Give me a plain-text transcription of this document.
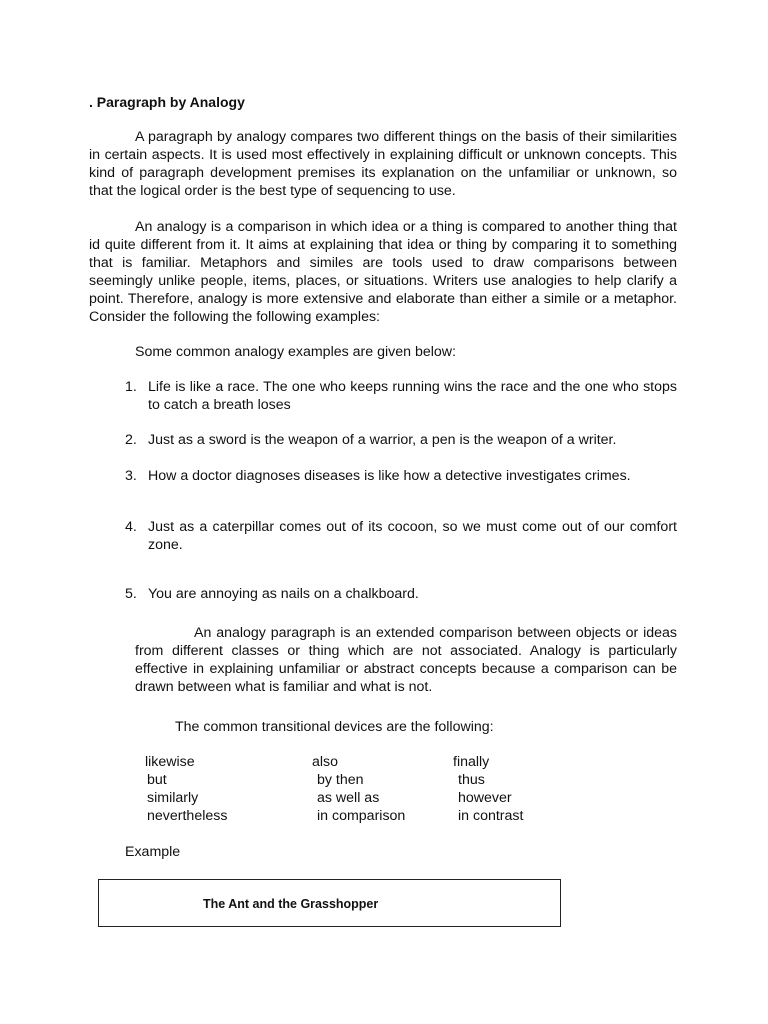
. Paragraph by Analogy

A paragraph by analogy compares two different things on the basis of their similarities in certain aspects. It is used most effectively in explaining difficult or unknown concepts. This kind of paragraph development premises its explanation on the unfamiliar or unknown, so that the logical order is the best type of sequencing to use.

An analogy is a comparison in which idea or a thing is compared to another thing that id quite different from it. It aims at explaining that idea or thing by comparing it to something that is familiar. Metaphors and similes are tools used to draw comparisons between seemingly unlike people, items, places, or situations. Writers use analogies to help clarify a point. Therefore, analogy is more extensive and elaborate than either a simile or a metaphor. Consider the following the following examples:

Some common analogy examples are given below:

1. Life is like a race. The one who keeps running wins the race and the one who stops to catch a breath loses
2. Just as a sword is the weapon of a warrior, a pen is the weapon of a writer.
3. How a doctor diagnoses diseases is like how a detective investigates crimes.
4. Just as a caterpillar comes out of its cocoon, so we must come out of our comfort zone.
5. You are annoying as nails on a chalkboard.

An analogy paragraph is an extended comparison between objects or ideas from different classes or thing which are not associated. Analogy is particularly effective in explaining unfamiliar or abstract concepts because a comparison can be drawn between what is familiar and what is not.

The common transitional devices are the following:

likewise	also	finally
but	by then	thus
similarly	as well as	however
nevertheless	in comparison	in contrast

Example

The Ant and the Grasshopper
